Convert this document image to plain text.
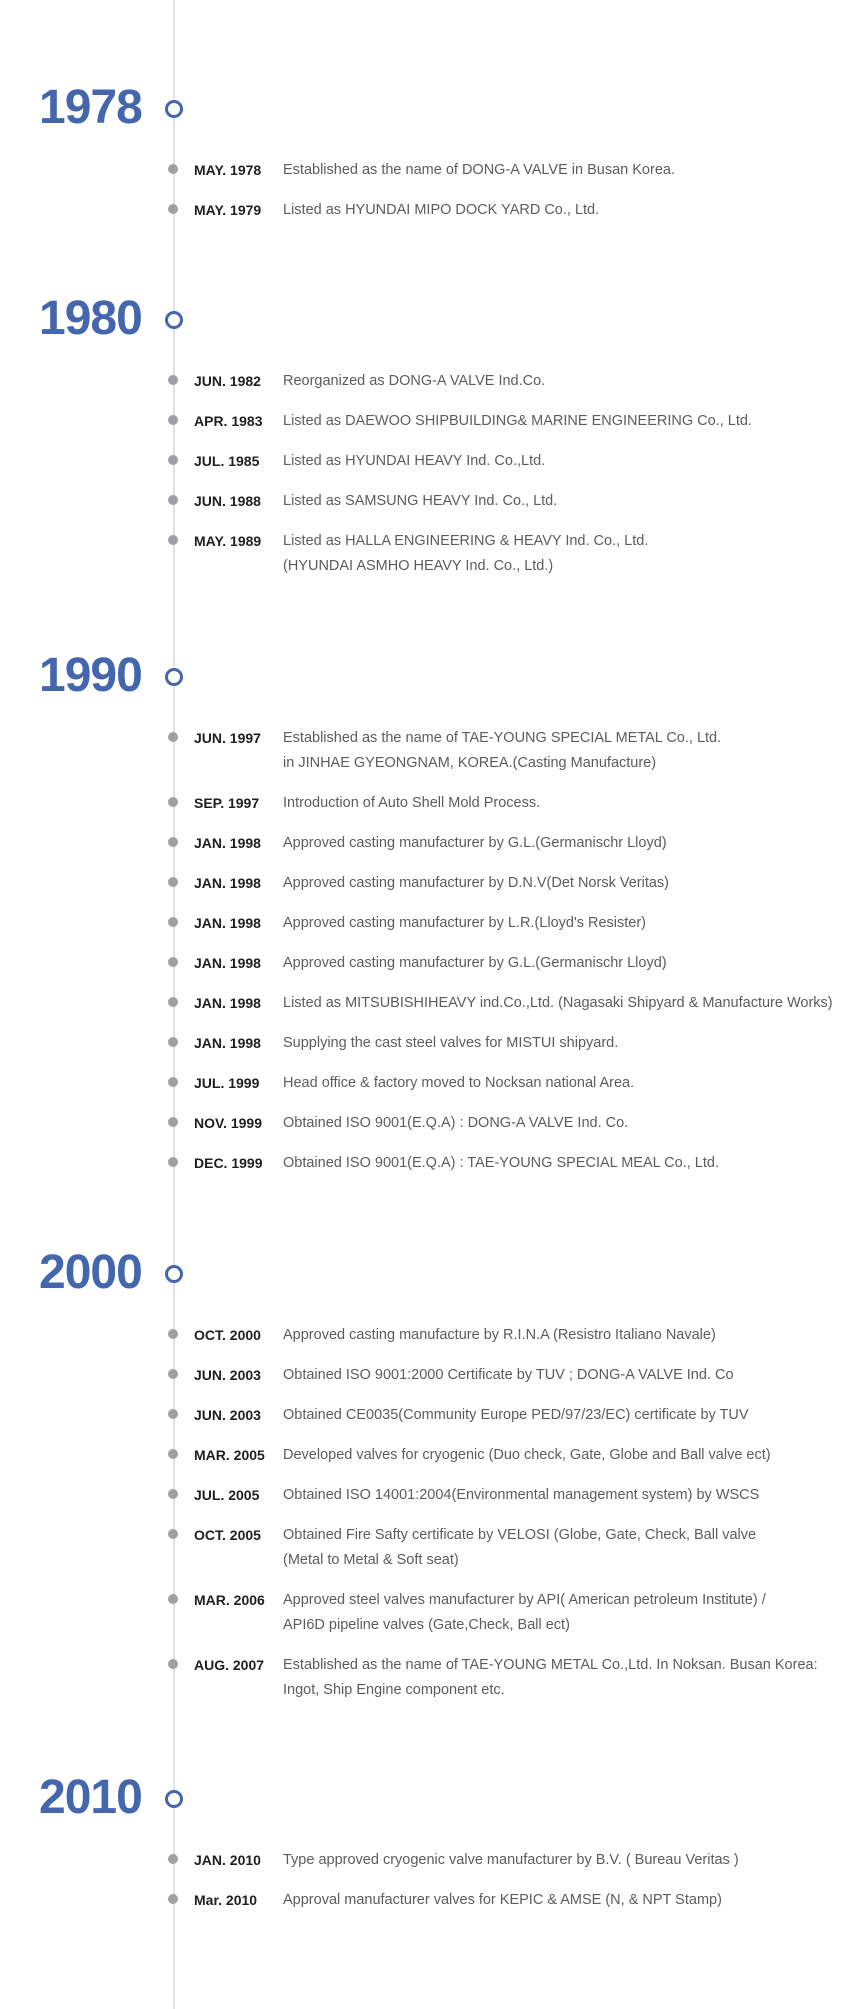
1978
MAY. 1978 Established as the name of DONG-A VALVE in Busan Korea.
MAY. 1979 Listed as HYUNDAI MIPO DOCK YARD Co., Ltd.
1980
JUN. 1982 Reorganized as DONG-A VALVE Ind.Co.
APR. 1983 Listed as DAEWOO SHIPBUILDING& MARINE ENGINEERING Co., Ltd.
JUL. 1985 Listed as HYUNDAI HEAVY Ind. Co.,Ltd.
JUN. 1988 Listed as SAMSUNG HEAVY Ind. Co., Ltd.
MAY. 1989 Listed as HALLA ENGINEERING & HEAVY Ind. Co., Ltd.
(HYUNDAI ASMHO HEAVY Ind. Co., Ltd.)
1990
JUN. 1997 Established as the name of TAE-YOUNG SPECIAL METAL Co., Ltd.
in JINHAE GYEONGNAM, KOREA.(Casting Manufacture)
SEP. 1997 Introduction of Auto Shell Mold Process.
JAN. 1998 Approved casting manufacturer by G.L.(Germanischr Lloyd)
JAN. 1998 Approved casting manufacturer by D.N.V(Det Norsk Veritas)
JAN. 1998 Approved casting manufacturer by L.R.(Lloyd's Resister)
JAN. 1998 Approved casting manufacturer by G.L.(Germanischr Lloyd)
JAN. 1998 Listed as MITSUBISHIHEAVY ind.Co.,Ltd. (Nagasaki Shipyard & Manufacture Works)
JAN. 1998 Supplying the cast steel valves for MISTUI shipyard.
JUL. 1999 Head office & factory moved to Nocksan national Area.
NOV. 1999 Obtained ISO 9001(E.Q.A) : DONG-A VALVE Ind. Co.
DEC. 1999 Obtained ISO 9001(E.Q.A) : TAE-YOUNG SPECIAL MEAL Co., Ltd.
2000
OCT. 2000 Approved casting manufacture by R.I.N.A (Resistro Italiano Navale)
JUN. 2003 Obtained ISO 9001:2000 Certificate by TUV ; DONG-A VALVE Ind. Co
JUN. 2003 Obtained CE0035(Community Europe PED/97/23/EC) certificate by TUV
MAR. 2005 Developed valves for cryogenic (Duo check, Gate, Globe and Ball valve ect)
JUL. 2005 Obtained ISO 14001:2004(Environmental management system) by WSCS
OCT. 2005 Obtained Fire Safty certificate by VELOSI (Globe, Gate, Check, Ball valve
(Metal to Metal & Soft seat)
MAR. 2006 Approved steel valves manufacturer by API( American petroleum Institute) /
API6D pipeline valves (Gate,Check, Ball ect)
AUG. 2007 Established as the name of TAE-YOUNG METAL Co.,Ltd. In Noksan. Busan Korea:
Ingot, Ship Engine component etc.
2010
JAN. 2010 Type approved cryogenic valve manufacturer by B.V. ( Bureau Veritas )
Mar. 2010 Approval manufacturer valves for KEPIC & AMSE (N, & NPT Stamp)
